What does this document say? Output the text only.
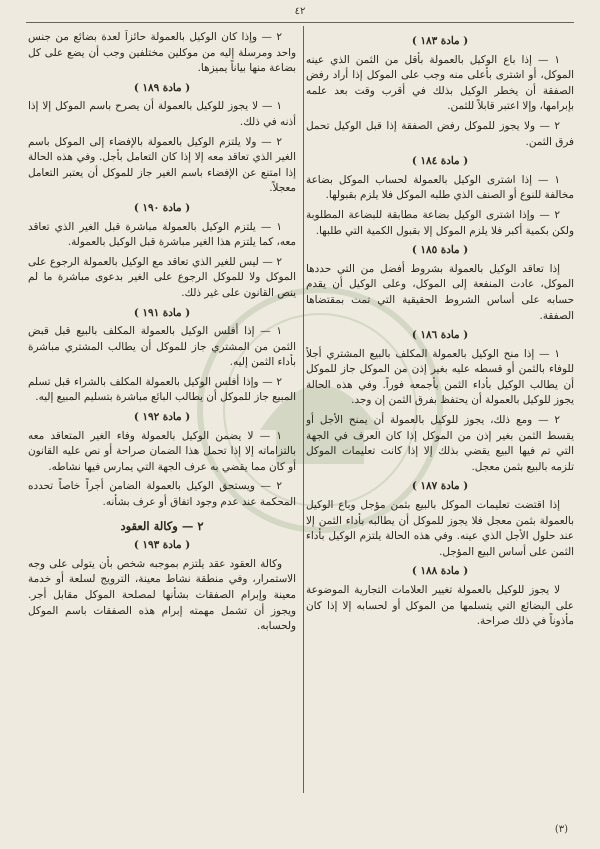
٤٢
( مادة ١٨٣ )
١ — إذا باع الوكيل بالعمولة بأقل من الثمن الذي عينه الموكل، أو اشترى بأعلى منه وجب على الموكل إذا أراد رفض الصفقة أن يخطر الوكيل بذلك في أقرب وقت بعد علمه بإبرامها، وإلا اعتبر قابلاً للثمن.
٢ — ولا يجوز للموكل رفض الصفقة إذا قبل الوكيل تحمل فرق الثمن.
( مادة ١٨٤ )
١ — إذا اشترى الوكيل بالعمولة لحساب الموكل بضاعة مخالفة للنوع أو الصنف الذي طلبه الموكل فلا يلزم بقبولها.
٢ — وإذا اشترى الوكيل بضاعة مطابقة للبضاعة المطلوبة ولكن بكمية أكبر فلا يلزم الموكل إلا بقبول الكمية التي طلبها.
( مادة ١٨٥ )
إذا تعاقد الوكيل بالعمولة بشروط أفضل من التي حددها الموكل، عادت المنفعة إلى الموكل، وعلى الوكيل أن يقدم حسابه على أساس الشروط الحقيقية التي تمت بمقتضاها الصفقة.
( مادة ١٨٦ )
١ — إذا منح الوكيل بالعمولة المكلف بالبيع المشتري أجلاً للوفاء بالثمن أو قسطه عليه بغير إذن من الموكل جاز للموكل أن يطالب الوكيل بأداء الثمن بأجمعه فوراً. وفي هذه الحالة يجوز للوكيل بالعمولة أن يحتفظ بفرق الثمن إن وجد.
٢ — ومع ذلك، يجوز للوكيل بالعمولة أن يمنح الأجل أو يقسط الثمن بغير إذن من الموكل إذا كان العرف في الجهة التي تم فيها البيع يقضي بذلك إلا إذا كانت تعليمات الموكل تلزمه بالبيع بثمن معجل.
( مادة ١٨٧ )
إذا اقتضت تعليمات الموكل بالبيع بثمن مؤجل وباع الوكيل بالعمولة بثمن معجل فلا يجوز للموكل أن يطالبه بأداء الثمن إلا عند حلول الأجل الذي عينه. وفي هذه الحالة يلتزم الوكيل بأداء الثمن على أساس البيع المؤجل.
( مادة ١٨٨ )
لا يجوز للوكيل بالعمولة تغيير العلامات التجارية الموضوعة على البضائع التي يتسلمها من الموكل أو لحسابه إلا إذا كان مأذوناً في ذلك صراحة.
٢ — وإذا كان الوكيل بالعمولة حائزاً لعدة بضائع من جنس واحد ومرسلة إليه من موكلين مختلفين وجب أن يضع على كل بضاعة منها بياناً يميزها.
( مادة ١٨٩ )
١ — لا يجوز للوكيل بالعمولة أن يصرح باسم الموكل إلا إذا أذنه في ذلك.
٢ — ولا يلتزم الوكيل بالعمولة بالإفضاء إلى الموكل باسم الغير الذي تعاقد معه إلا إذا كان التعامل بأجل. وفي هذه الحالة إذا امتنع عن الإفضاء باسم الغير جاز للموكل أن يعتبر التعامل معجلاً.
( مادة ١٩٠ )
١ — يلتزم الوكيل بالعمولة مباشرة قبل الغير الذي تعاقد معه، كما يلتزم هذا الغير مباشرة قبل الوكيل بالعمولة.
٢ — ليس للغير الذي تعاقد مع الوكيل بالعمولة الرجوع على الموكل ولا للموكل الرجوع على الغير بدعوى مباشرة ما لم ينص القانون على غير ذلك.
( مادة ١٩١ )
١ — إذا أفلس الوكيل بالعمولة المكلف بالبيع قبل قبض الثمن من المشتري جاز للموكل أن يطالب المشتري مباشرة بأداء الثمن إليه.
٢ — وإذا أفلس الوكيل بالعمولة المكلف بالشراء قبل تسلم المبيع جاز للموكل أن يطالب البائع مباشرة بتسليم المبيع إليه.
( مادة ١٩٢ )
١ — لا يضمن الوكيل بالعمولة وفاء الغير المتعاقد معه بالتزاماته إلا إذا تحمل هذا الضمان صراحة أو نص عليه القانون أو كان مما يقضي به عرف الجهة التي يمارس فيها نشاطه.
٢ — ويستحق الوكيل بالعمولة الضامن أجراً خاصاً تحدده المحكمة عند عدم وجود اتفاق أو عرف بشأنه.
٢ — وكالة العقود
( مادة ١٩٣ )
وكالة العقود عقد يلتزم بموجبه شخص بأن يتولى على وجه الاستمرار، وفي منطقة نشاط معينة، الترويج لسلعة أو خدمة معينة وإبرام الصفقات بشأنها لمصلحة الموكل مقابل أجر. ويجوز أن تشمل مهمته إبرام هذه الصفقات باسم الموكل ولحسابه.
(٣)
